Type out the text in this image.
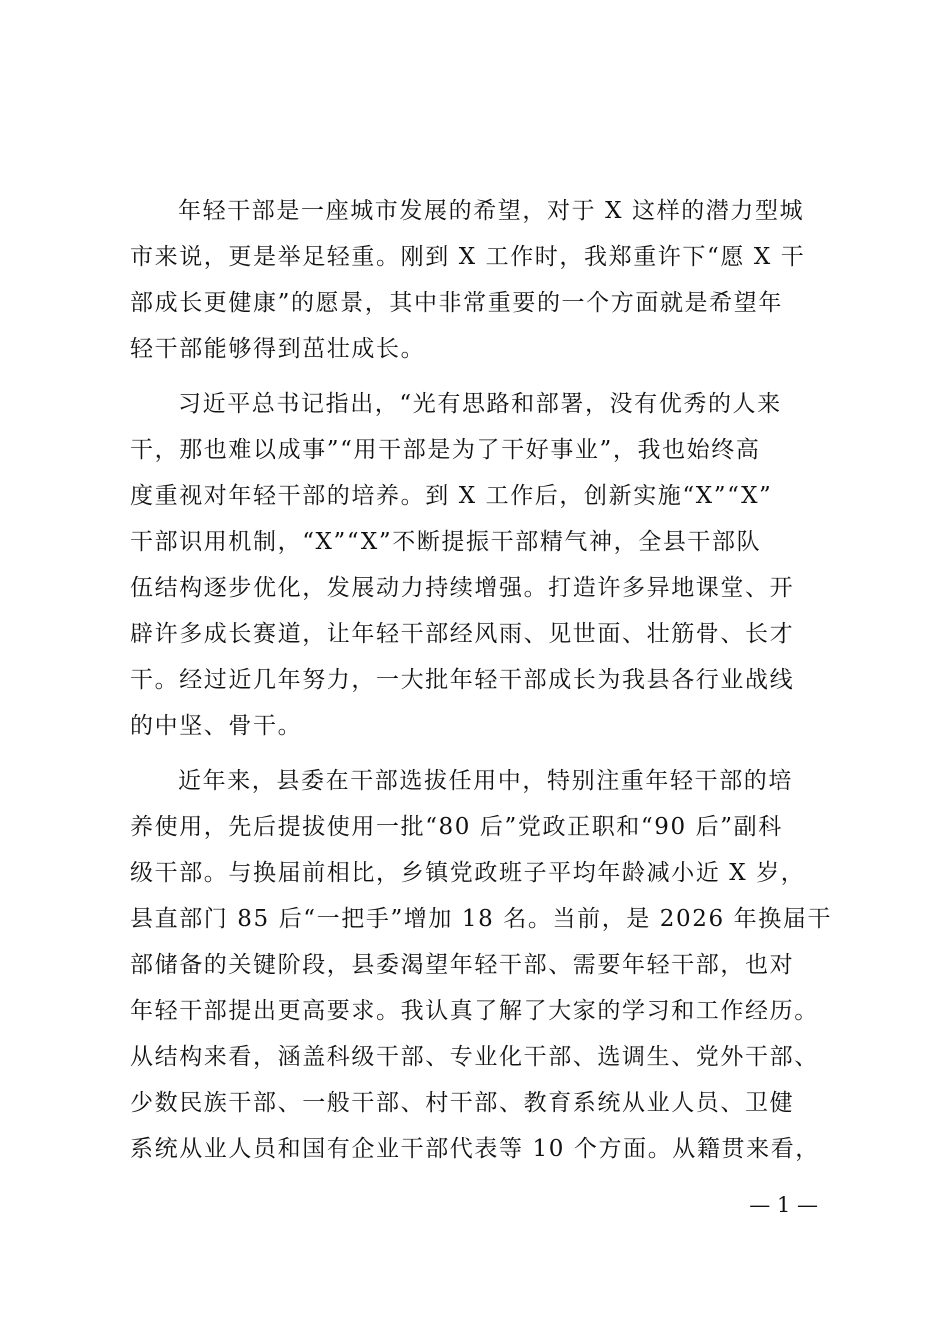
年轻干部是一座城市发展的希望，对于 X 这样的潜力型城
市来说，更是举足轻重。刚到 X 工作时，我郑重许下“愿 X 干
部成长更健康”的愿景，其中非常重要的一个方面就是希望年
轻干部能够得到茁壮成长。
习近平总书记指出，“光有思路和部署，没有优秀的人来
干，那也难以成事”“用干部是为了干好事业”，我也始终高
度重视对年轻干部的培养。到 X 工作后，创新实施“X”“X”
干部识用机制，“X”“X”不断提振干部精气神，全县干部队
伍结构逐步优化，发展动力持续增强。打造许多异地课堂、开
辟许多成长赛道，让年轻干部经风雨、见世面、壮筋骨、长才
干。经过近几年努力，一大批年轻干部成长为我县各行业战线
的中坚、骨干。
近年来，县委在干部选拔任用中，特别注重年轻干部的培
养使用，先后提拔使用一批“80 后”党政正职和“90 后”副科
级干部。与换届前相比，乡镇党政班子平均年龄减小近 X 岁，
县直部门 85 后“一把手”增加 18 名。当前，是 2026 年换届干
部储备的关键阶段，县委渴望年轻干部、需要年轻干部，也对
年轻干部提出更高要求。我认真了解了大家的学习和工作经历。
从结构来看，涵盖科级干部、专业化干部、选调生、党外干部、
少数民族干部、一般干部、村干部、教育系统从业人员、卫健
系统从业人员和国有企业干部代表等 10 个方面。从籍贯来看，
— 1 —
